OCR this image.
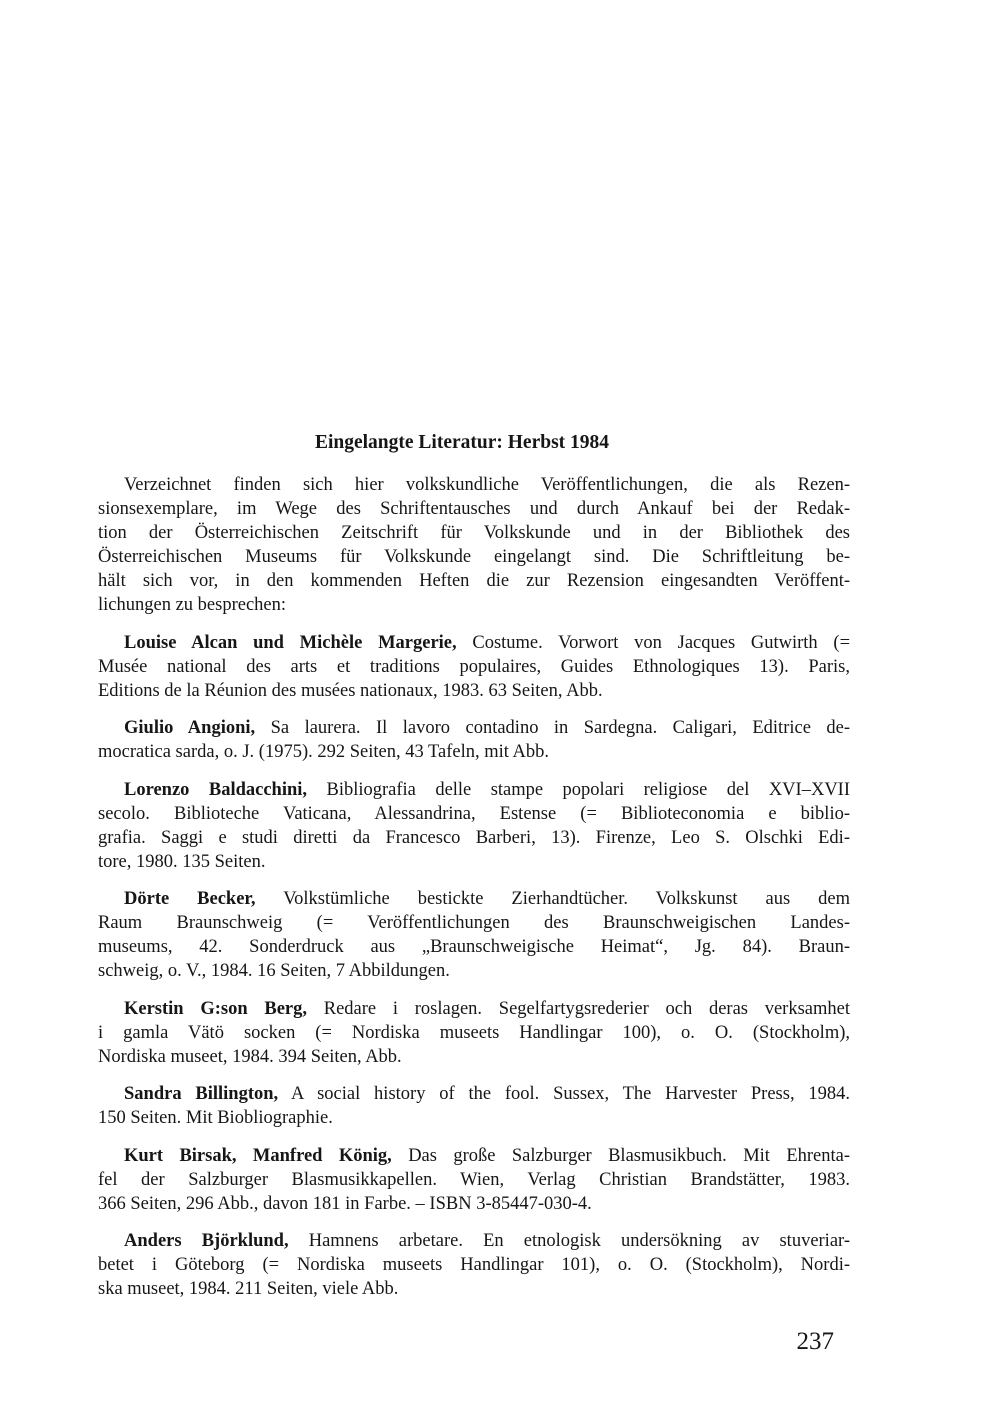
Eingelangte Literatur: Herbst 1984
Verzeichnet finden sich hier volkskundliche Veröffentlichungen, die als Rezen-
sionsexemplare, im Wege des Schriftentausches und durch Ankauf bei der Redak-
tion der Österreichischen Zeitschrift für Volkskunde und in der Bibliothek des
Österreichischen Museums für Volkskunde eingelangt sind. Die Schriftleitung be-
hält sich vor, in den kommenden Heften die zur Rezension eingesandten Veröffent-
lichungen zu besprechen:
Louise Alcan und Michèle Margerie, Costume. Vorwort von Jacques Gutwirth (=
Musée national des arts et traditions populaires, Guides Ethnologiques 13). Paris,
Editions de la Réunion des musées nationaux, 1983. 63 Seiten, Abb.
Giulio Angioni, Sa laurera. Il lavoro contadino in Sardegna. Caligari, Editrice de-
mocratica sarda, o. J. (1975). 292 Seiten, 43 Tafeln, mit Abb.
Lorenzo Baldacchini, Bibliografia delle stampe popolari religiose del XVI–XVII
secolo. Biblioteche Vaticana, Alessandrina, Estense (= Biblioteconomia e biblio-
grafia. Saggi e studi diretti da Francesco Barberi, 13). Firenze, Leo S. Olschki Edi-
tore, 1980. 135 Seiten.
Dörte Becker, Volkstümliche bestickte Zierhandtücher. Volkskunst aus dem
Raum Braunschweig (= Veröffentlichungen des Braunschweigischen Landes-
museums, 42. Sonderdruck aus „Braunschweigische Heimat“, Jg. 84). Braun-
schweig, o. V., 1984. 16 Seiten, 7 Abbildungen.
Kerstin G:son Berg, Redare i roslagen. Segelfartygsrederier och deras verksamhet
i gamla Vätö socken (= Nordiska museets Handlingar 100), o. O. (Stockholm),
Nordiska museet, 1984. 394 Seiten, Abb.
Sandra Billington, A social history of the fool. Sussex, The Harvester Press, 1984.
150 Seiten. Mit Biobliographie.
Kurt Birsak, Manfred König, Das große Salzburger Blasmusikbuch. Mit Ehrenta-
fel der Salzburger Blasmusikkapellen. Wien, Verlag Christian Brandstätter, 1983.
366 Seiten, 296 Abb., davon 181 in Farbe. – ISBN 3-85447-030-4.
Anders Björklund, Hamnens arbetare. En etnologisk undersökning av stuveriar-
betet i Göteborg (= Nordiska museets Handlingar 101), o. O. (Stockholm), Nordi-
ska museet, 1984. 211 Seiten, viele Abb.
237
